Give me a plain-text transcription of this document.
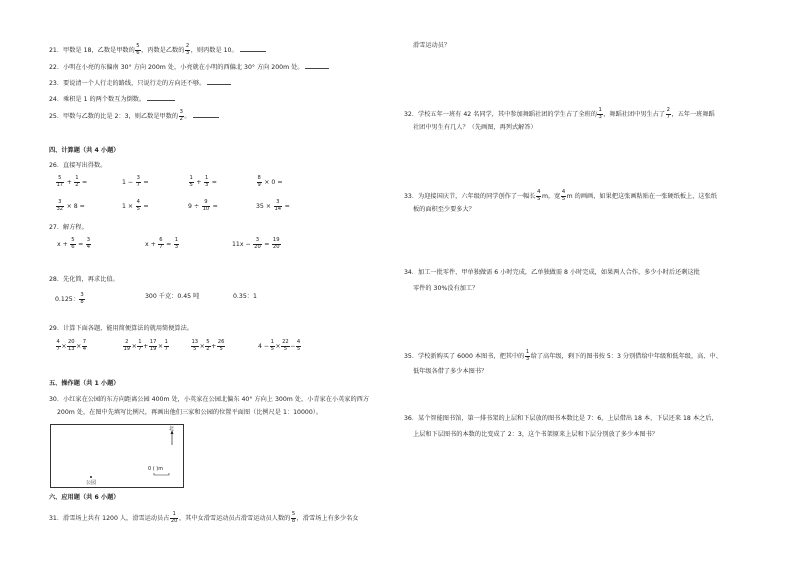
21．甲数是 18，乙数是甲数的 $\frac{5}{6}$ ，丙数是乙数的 $\frac{2}{3}$ ，则丙数是 10。
22．小明在小亮的东偏南 30° 方向 200m 处，小亮就在小明的西偏北 30° 方向 200m 处。
23．要说清一个人行走的路线，只说行走的方向还不够。
24．乘积是 1 的两个数互为倒数。
25．甲数与乙数的比是 2：3，则乙数是甲数的 $\frac{3}{2}$ 。
四、计算题（共 4 小题）
26．直接写出得数。
$\frac{5}{17} + \frac{1}{2}$ =	$1 - \frac{3}{7}$ =	$\frac{1}{5} + \frac{1}{3}$ =	$\frac{8}{9} \times 0$ =
$\frac{3}{32} \times 8$ =	$1 \times \frac{4}{5}$ =	$9 \div \frac{9}{10}$ =	$35 \times \frac{3}{14}$ =
27．解方程。
$x + \frac{5}{6} = \frac{3}{4}$	$x + \frac{6}{7} = \frac{1}{3}$	$11x - \frac{3}{20} = \frac{19}{20}$
28．先化简，再求比值。
0.125： $\frac{3}{8}$	300 千克：0.45 吨	0.35：1
29．计算下面各题，能用简便算法的就用简便算法。
$\frac{4}{7} \times \frac{20}{13} \times \frac{7}{4}$	$\frac{2}{19} \times \frac{1}{7} + \frac{17}{19} \times \frac{1}{7}$	$\frac{13}{5} \times \frac{5}{2} + \frac{26}{5}$	$4 - \frac{1}{5} \times \frac{22}{5} - \frac{4}{5}$
五、操作题（共 1 小题）
30．小红家在公园的东方向距离公园 400m 处，小英家在公园北偏东 40° 方向上 300m 处，小青家在小英家的西方
200m 处，在图中先填写比例尺，再画出他们三家和公园的位置平面图（比例尺是 1：10000）。
北
公园
0 ( )m
六、应用题（共 6 小题）
31．滑雪场上共有 1200 人，滑雪运动员占 $\frac{1}{20}$ ，其中女滑雪运动员占滑雪运动员人数的 $\frac{5}{8}$ ，滑雪场上有多少名女
滑雪运动员？
32．学校五年一班有 42 名同学，其中参加舞蹈社团的学生占了全班的 $\frac{1}{3}$ ，舞蹈社团中男生占了 $\frac{2}{7}$ ，五年一班舞蹈
社团中男生有几人？（先画图，再列式解答）
33．为迎接国庆节，六年级的同学创作了一幅长 $\frac{4}{5}$ m，宽 $\frac{4}{5}$ m 的画画，如果把这张画粘贴在一张硬纸板上，这张纸
板的面积至少要多大？
34．加工一批零件，甲单独做需 6 小时完成，乙单独做需 8 小时完成，如果两人合作，多少小时后还剩这批
零件的 30%没有加工？
35．学校新购买了 6000 本图书，把其中的 $\frac{1}{3}$ 给了高年级，剩下的图书按 5：3 分别借给中年级和低年级，高、中、
低年级各借了多少本图书？
36．某个智能图书馆，第一排书架的上层和下层放的图书本数比是 7：6，上层借出 18 本，下层还来 18 本之后，
上层和下层图书的本数的比变成了 2：3，这个书架原来上层和下层分别放了多少本图书？
